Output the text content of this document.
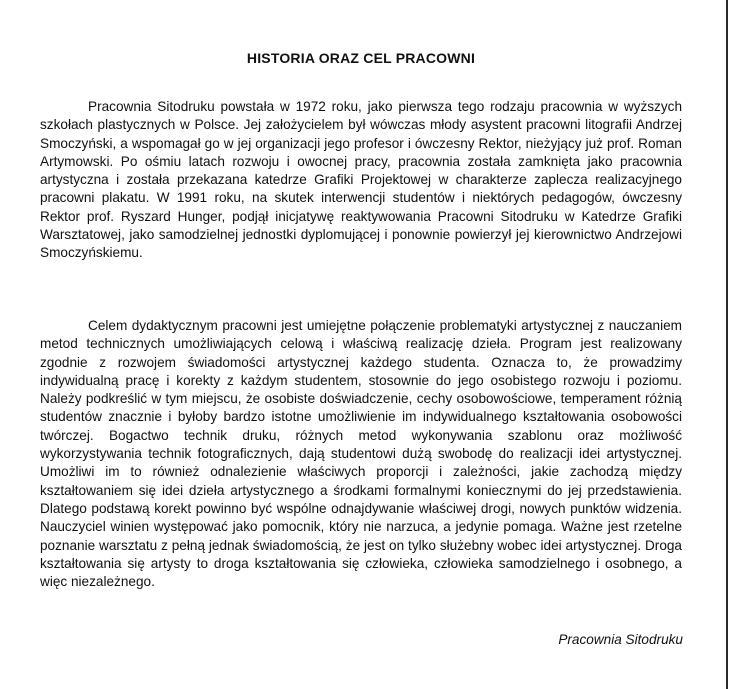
HISTORIA ORAZ CEL PRACOWNI
Pracownia Sitodruku powstała w 1972 roku, jako pierwsza tego rodzaju pracownia w wyższych szkołach plastycznych w Polsce. Jej założycielem był wówczas młody asystent pracowni litografii Andrzej Smoczyński, a wspomagał go w jej organizacji jego profesor i ówczesny Rektor, nieżyjący już prof. Roman Artymowski. Po ośmiu latach rozwoju i owocnej pracy, pracownia została zamknięta jako pracownia artystyczna i została przekazana katedrze Grafiki Projektowej w charakterze zaplecza realizacyjnego pracowni plakatu. W 1991 roku, na skutek interwencji studentów i niektórych pedagogów, ówczesny Rektor prof. Ryszard Hunger, podjął inicjatywę reaktywowania Pracowni Sitodruku w Katedrze Grafiki Warsztatowej, jako samodzielnej jednostki dyplomującej i ponownie powierzył jej kierownictwo Andrzejowi Smoczyńskiemu.
Celem dydaktycznym pracowni jest umiejętne połączenie problematyki artystycznej z nauczaniem metod technicznych umożliwiających celową i właściwą realizację dzieła. Program jest realizowany zgodnie z rozwojem świadomości artystycznej każdego studenta. Oznacza to, że prowadzimy indywidualną pracę i korekty z każdym studentem, stosownie do jego osobistego rozwoju i poziomu. Należy podkreślić w tym miejscu, że osobiste doświadczenie, cechy osobowościowe, temperament różnią studentów znacznie i byłoby bardzo istotne umożliwienie im indywidualnego kształtowania osobowości twórczej. Bogactwo technik druku, różnych metod wykonywania szablonu oraz możliwość wykorzystywania technik fotograficznych, dają studentowi dużą swobodę do realizacji idei artystycznej. Umożliwi im to również odnalezienie właściwych proporcji i zależności, jakie zachodzą między kształtowaniem się idei dzieła artystycznego a środkami formalnymi koniecznymi do jej przedstawienia. Dlatego podstawą korekt powinno być wspólne odnajdywanie właściwej drogi, nowych punktów widzenia. Nauczyciel winien występować jako pomocnik, który nie narzuca, a jedynie pomaga. Ważne jest rzetelne poznanie warsztatu z pełną jednak świadomością, że jest on tylko służebny wobec idei artystycznej. Droga kształtowania się artysty to droga kształtowania się człowieka, człowieka samodzielnego i osobnego, a więc niezależnego.
Pracownia Sitodruku
